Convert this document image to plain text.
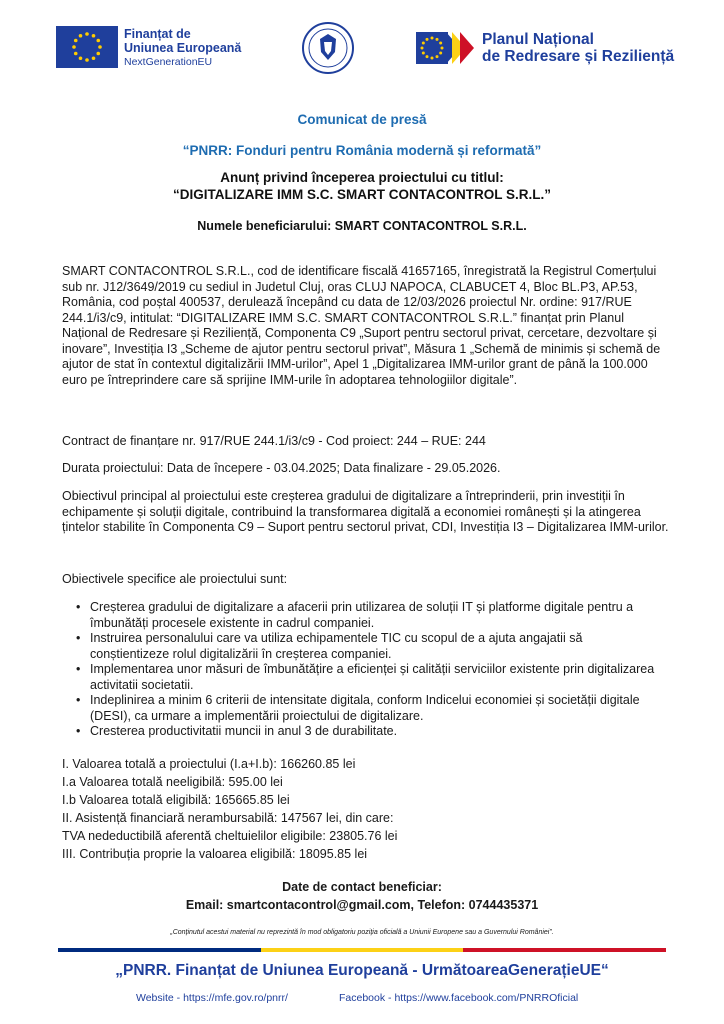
Finanțat de
Uniunea Europeană
NextGenerationEU
Planul Național
de Redresare și Reziliență
Comunicat de presă
“PNRR: Fonduri pentru România modernă și reformată”
Anunț privind începerea proiectului cu titlul:
“DIGITALIZARE IMM S.C. SMART CONTACONTROL S.R.L.”
Numele beneficiarului: SMART CONTACONTROL S.R.L.
SMART CONTACONTROL S.R.L., cod de identificare fiscală 41657165, înregistrată la Registrul Comerțului sub nr. J12/3649/2019 cu sediul in Judetul Cluj, oras CLUJ NAPOCA, CLABUCET 4, Bloc BL.P3, AP.53, România, cod poștal 400537, derulează începând cu data de 12/03/2026 proiectul Nr. ordine: 917/RUE 244.1/i3/c9, intitulat: “DIGITALIZARE IMM S.C. SMART CONTACONTROL S.R.L.” finanțat prin Planul Național de Redresare și Reziliență, Componenta C9 „Suport pentru sectorul privat, cercetare, dezvoltare și inovare”, Investiția I3 „Scheme de ajutor pentru sectorul privat”, Măsura 1 „Schemă de minimis și schemă de ajutor de stat în contextul digitalizării IMM-urilor”, Apel 1 „Digitalizarea IMM-urilor grant de până la 100.000 euro pe întreprindere care să sprijine IMM-urile în adoptarea tehnologiilor digitale”.
Contract de finanțare nr. 917/RUE 244.1/i3/c9 - Cod proiect: 244 – RUE: 244
Durata proiectului: Data de începere - 03.04.2025; Data finalizare - 29.05.2026.
Obiectivul principal al proiectului este creșterea gradului de digitalizare a întreprinderii, prin investiții în echipamente și soluții digitale, contribuind la transformarea digitală a economiei românești și la atingerea țintelor stabilite în Componenta C9 – Suport pentru sectorul privat, CDI, Investiția I3 – Digitalizarea IMM-urilor.
Obiectivele specifice ale proiectului sunt:
• Creșterea gradului de digitalizare a afacerii prin utilizarea de soluții IT și platforme digitale pentru a îmbunătăți procesele existente in cadrul companiei.
• Instruirea personalului care va utiliza echipamentele TIC cu scopul de a ajuta angajatii să conștientizeze rolul digitalizării în creșterea companiei.
• Implementarea unor măsuri de îmbunătățire a eficienței și calității serviciilor existente prin digitalizarea activitatii societatii.
• Indeplinirea a minim 6 criterii de intensitate digitala, conform Indicelui economiei și societății digitale (DESI), ca urmare a implementării proiectului de digitalizare.
• Cresterea productivitatii muncii in anul 3 de durabilitate.
I. Valoarea totală a proiectului (I.a+I.b): 166260.85 lei
I.a Valoarea totală neeligibilă: 595.00 lei
I.b Valoarea totală eligibilă: 165665.85 lei
II. Asistență financiară nerambursabilă: 147567 lei, din care:
TVA nedeductibilă aferentă cheltuielilor eligibile: 23805.76 lei
III. Contribuția proprie la valoarea eligibilă: 18095.85 lei
Date de contact beneficiar:
Email: smartcontacontrol@gmail.com, Telefon: 0744435371
„Conținutul acestui material nu reprezintă în mod obligatoriu poziția oficială a Uniunii Europene sau a Guvernului României”.
„PNRR. Finanțat de Uniunea Europeană - UrmătoareaGenerațieUE“
Website - https://mfe.gov.ro/pnrr/	Facebook - https://www.facebook.com/PNRROficial
